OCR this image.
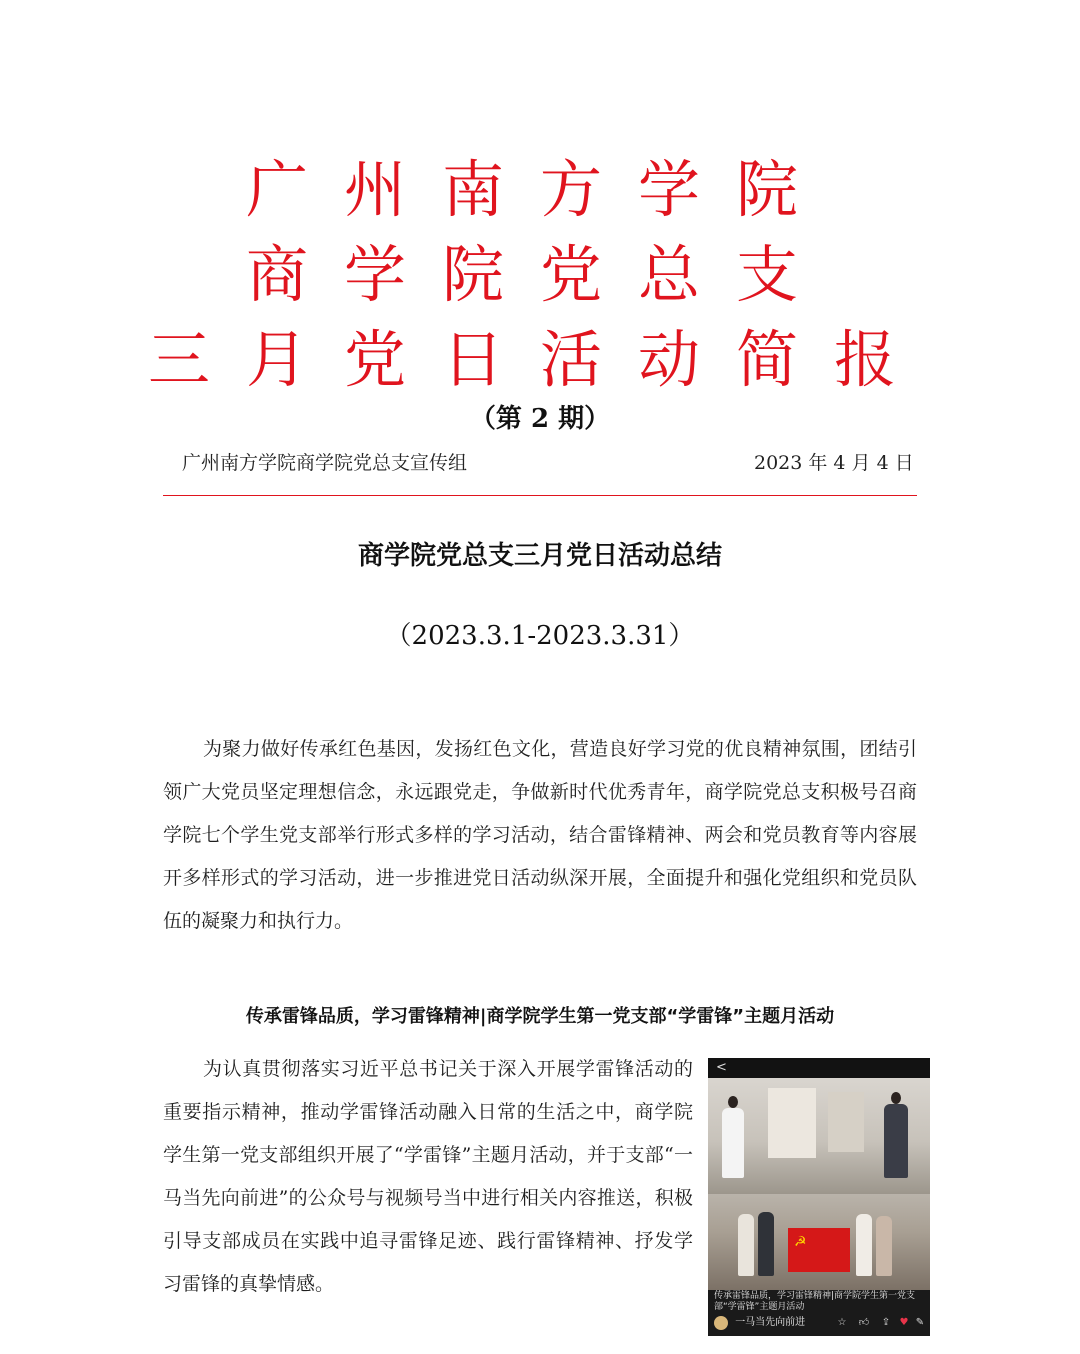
广州南方学院
商学院党总支
三月党日活动简报
（第 2 期）
广州南方学院商学院党总支宣传组	2023 年 4 月 4 日
商学院党总支三月党日活动总结
（2023.3.1-2023.3.31）

为聚力做好传承红色基因，发扬红色文化，营造良好学习党的优良精神氛围，团结引领广大党员坚定理想信念，永远跟党走，争做新时代优秀青年，商学院党总支积极号召商学院七个学生党支部举行形式多样的学习活动，结合雷锋精神、两会和党员教育等内容展开多样形式的学习活动，进一步推进党日活动纵深开展，全面提升和强化党组织和党员队伍的凝聚力和执行力。

传承雷锋品质，学习雷锋精神|商学院学生第一党支部“学雷锋”主题月活动

为认真贯彻落实习近平总书记关于深入开展学雷锋活动的重要指示精神，推动学雷锋活动融入日常的生活之中，商学院学生第一党支部组织开展了“学雷锋”主题月活动，并于支部“一马当先向前进”的公众号与视频号当中进行相关内容推送，积极引导支部成员在实践中追寻雷锋足迹、践行雷锋精神、抒发学习雷锋的真挚情感。

<
☭
传承雷锋品质，学习雷锋精神|商学院学生第一党支部“学雷锋”主题月活动
一马当先向前进	☆	👍︎	⇪ ♥ ✎
